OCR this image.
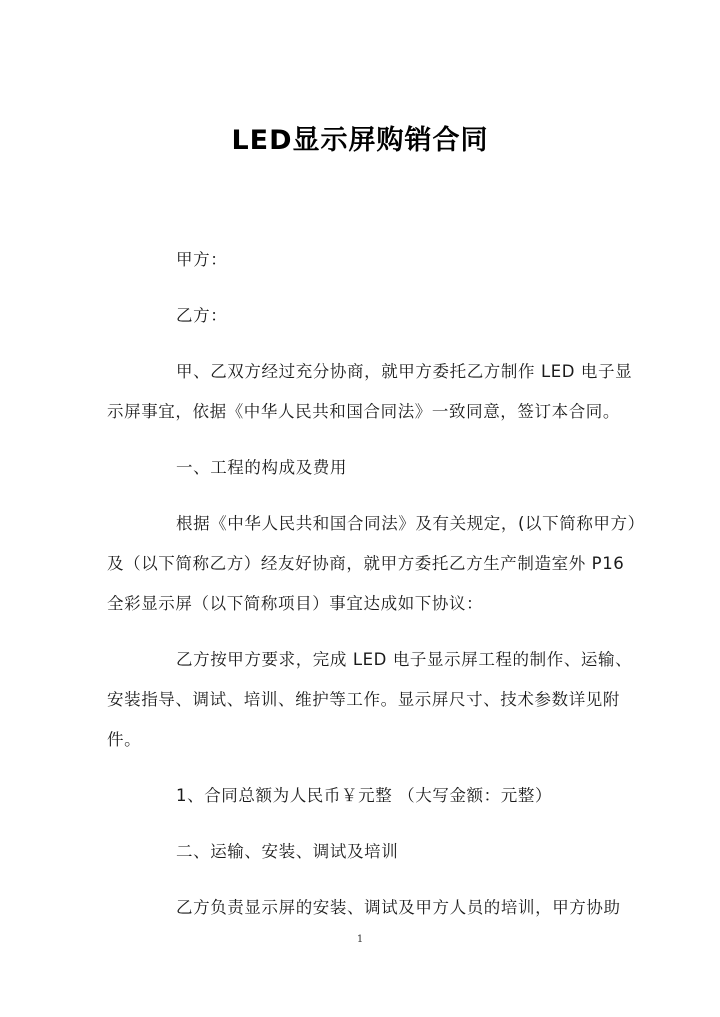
LED显示屏购销合同
甲方：
乙方：
甲、乙双方经过充分协商，就甲方委托乙方制作 LED 电子显
示屏事宜，依据《中华人民共和国合同法》一致同意，签订本合同。
一、工程的构成及费用
根据《中华人民共和国合同法》及有关规定，(以下简称甲方）
及（以下简称乙方）经友好协商，就甲方委托乙方生产制造室外 P16
全彩显示屏（以下简称项目）事宜达成如下协议：
乙方按甲方要求，完成 LED 电子显示屏工程的制作、运输、
安装指导、调试、培训、维护等工作。显示屏尺寸、技术参数详见附
件。
1、合同总额为人民币￥元整 （大写金额：元整）
二、运输、安装、调试及培训
乙方负责显示屏的安装、调试及甲方人员的培训，甲方协助
1
